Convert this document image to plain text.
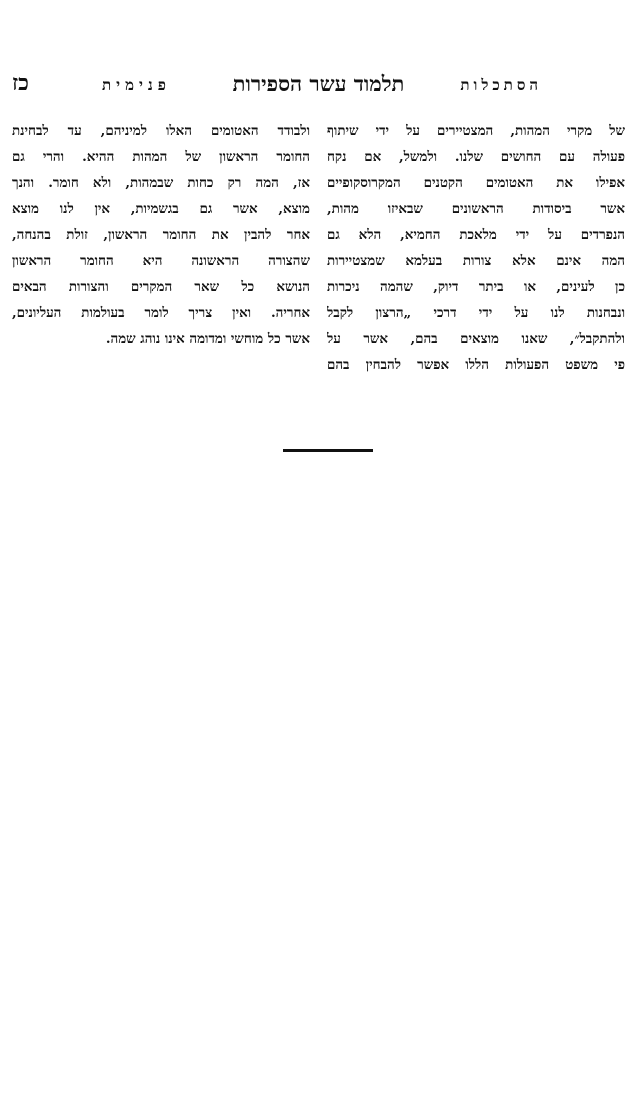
הסתכלות
תלמוד עשר הספירות
פנימית
כז
של מקרי המהות, המצטיירים על ידי שיתוף
פעולה עם החושים שלנו. ולמשל, אם נקח
אפילו את האטומים הקטנים המקרוסקופיים
אשר ביסודות הראשונים שבאיזו מהות,
הנפרדים על ידי מלאכת החמיא, הלא גם
המה אינם אלא צורות בעלמא שמצטיירות
כן לעינים, או ביתר דיוק, שהמה ניכרות
ונבחנות לנו על ידי דרכי „הרצון לקבל
ולהתקבל״, שאנו מוצאים בהם, אשר על
פי משפט הפעולות הללו אפשר להבחין בהם
ולבודד האטומים האלו למיניהם, עד לבחינת
החומר הראשון של המהות ההיא. והרי גם
אז, המה רק כחות שבמהות, ולא חומר. והנך
מוצא, אשר גם בגשמיות, אין לנו מוצא
אחר להבין את החומר הראשון, זולת בהנחה,
שהצורה הראשונה היא החומר הראשון
הנושא כל שאר המקרים והצורות הבאים
אחריה. ואין צריך לומר בעולמות העליונים,
אשר כל מוחשי ומדומה אינו נוהג שמה.
